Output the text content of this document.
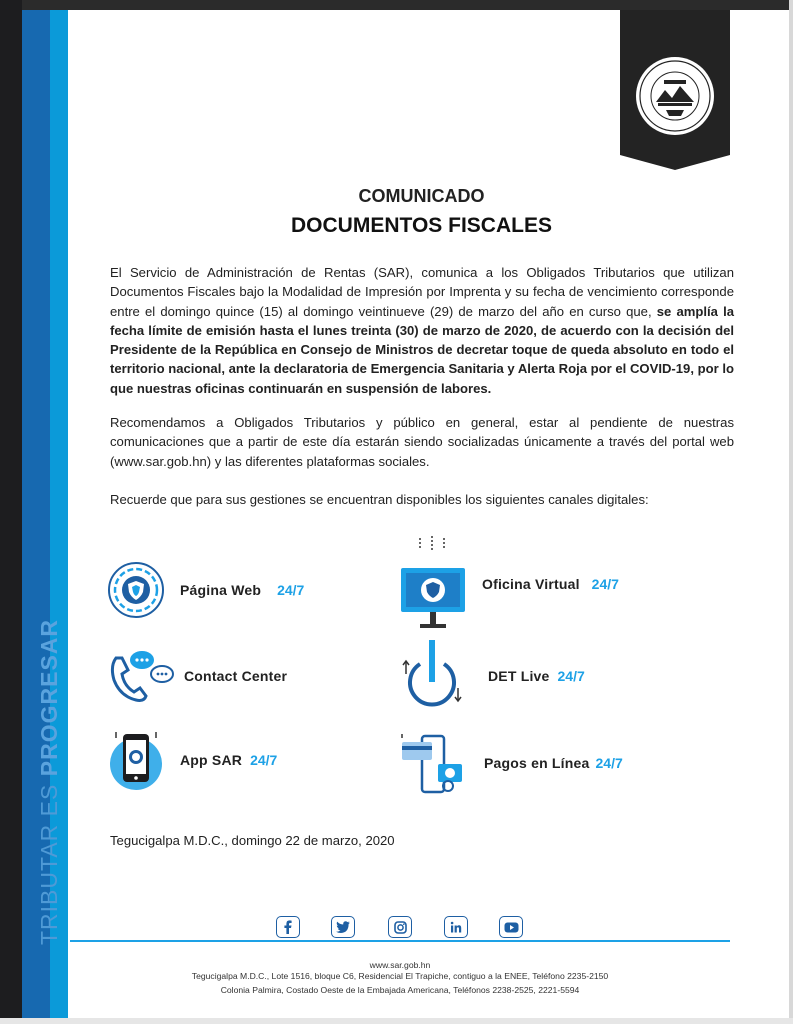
TRIBUTAR ES PROGRESAR
COMUNICADO
DOCUMENTOS FISCALES

El Servicio de Administración de Rentas (SAR), comunica a los Obligados Tributarios que utilizan Documentos Fiscales bajo la Modalidad de Impresión por Imprenta y su fecha de vencimiento corresponde entre el domingo quince (15) al domingo veintinueve (29) de marzo del año en curso que, se amplía la fecha límite de emisión hasta el lunes treinta (30) de marzo de 2020, de acuerdo con la decisión del Presidente de la República en Consejo de Ministros de decretar toque de queda absoluto en todo el territorio nacional, ante la declaratoria de Emergencia Sanitaria y Alerta Roja por el COVID-19, por lo que nuestras oficinas continuarán en suspensión de labores.

Recomendamos a Obligados Tributarios y público en general, estar al pendiente de nuestras comunicaciones que a partir de este día estarán siendo socializadas únicamente a través del portal web (www.sar.gob.hn) y las diferentes plataformas sociales.

Recuerde que para sus gestiones se encuentran disponibles los siguientes canales digitales:

Página Web 24/7	Oficina Virtual 24/7
Contact Center	DET Live 24/7
App SAR 24/7	Pagos en Línea 24/7
Tegucigalpa M.D.C., domingo 22 de marzo, 2020
www.sar.gob.hn
Tegucigalpa M.D.C., Lote 1516, bloque C6, Residencial El Trapiche, contiguo a la ENEE, Teléfono 2235-2150
Colonia Palmira, Costado Oeste de la Embajada Americana, Teléfonos 2238-2525, 2221-5594
